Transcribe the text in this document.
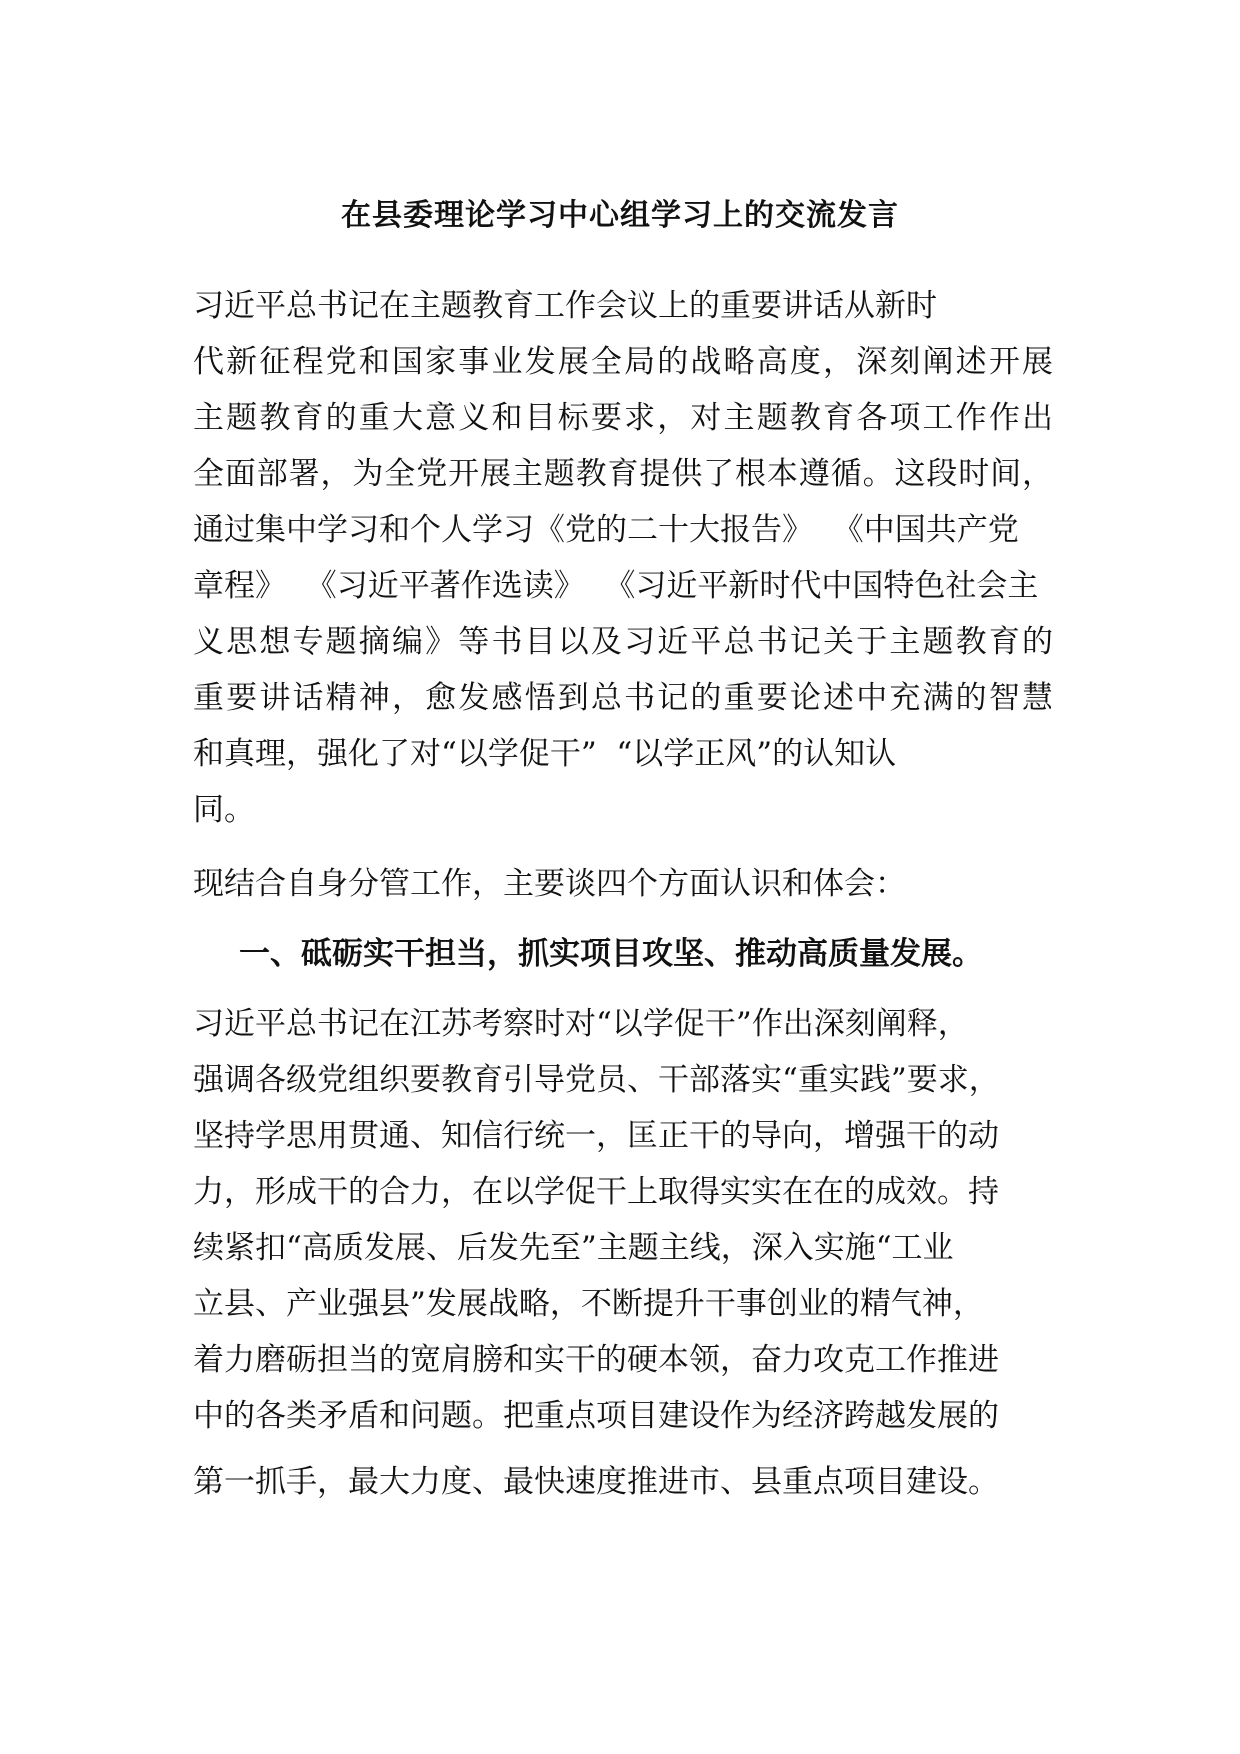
在县委理论学习中心组学习上的交流发言
习近平总书记在主题教育工作会议上的重要讲话从新时
代新征程党和国家事业发展全局的战略高度，深刻阐述开展
主题教育的重大意义和目标要求，对主题教育各项工作作出
全面部署，为全党开展主题教育提供了根本遵循。这段时间，
通过集中学习和个人学习《党的二十大报告》  《中国共产党
章程》  《习近平著作选读》  《习近平新时代中国特色社会主
义思想专题摘编》等书目以及习近平总书记关于主题教育的
重要讲话精神，愈发感悟到总书记的重要论述中充满的智慧
和真理，强化了对“以学促干”  “以学正风”的认知认
同。
现结合自身分管工作，主要谈四个方面认识和体会：
一、砥砺实干担当，抓实项目攻坚、推动高质量发展。
习近平总书记在江苏考察时对“以学促干”作出深刻阐释，
强调各级党组织要教育引导党员、干部落实“重实践”要求，
坚持学思用贯通、知信行统一，匡正干的导向，增强干的动
力，形成干的合力，在以学促干上取得实实在在的成效。持
续紧扣“高质发展、后发先至”主题主线，深入实施“工业
立县、产业强县”发展战略，不断提升干事创业的精气神，
着力磨砺担当的宽肩膀和实干的硬本领，奋力攻克工作推进
中的各类矛盾和问题。把重点项目建设作为经济跨越发展的
第一抓手，最大力度、最快速度推进市、县重点项目建设。
